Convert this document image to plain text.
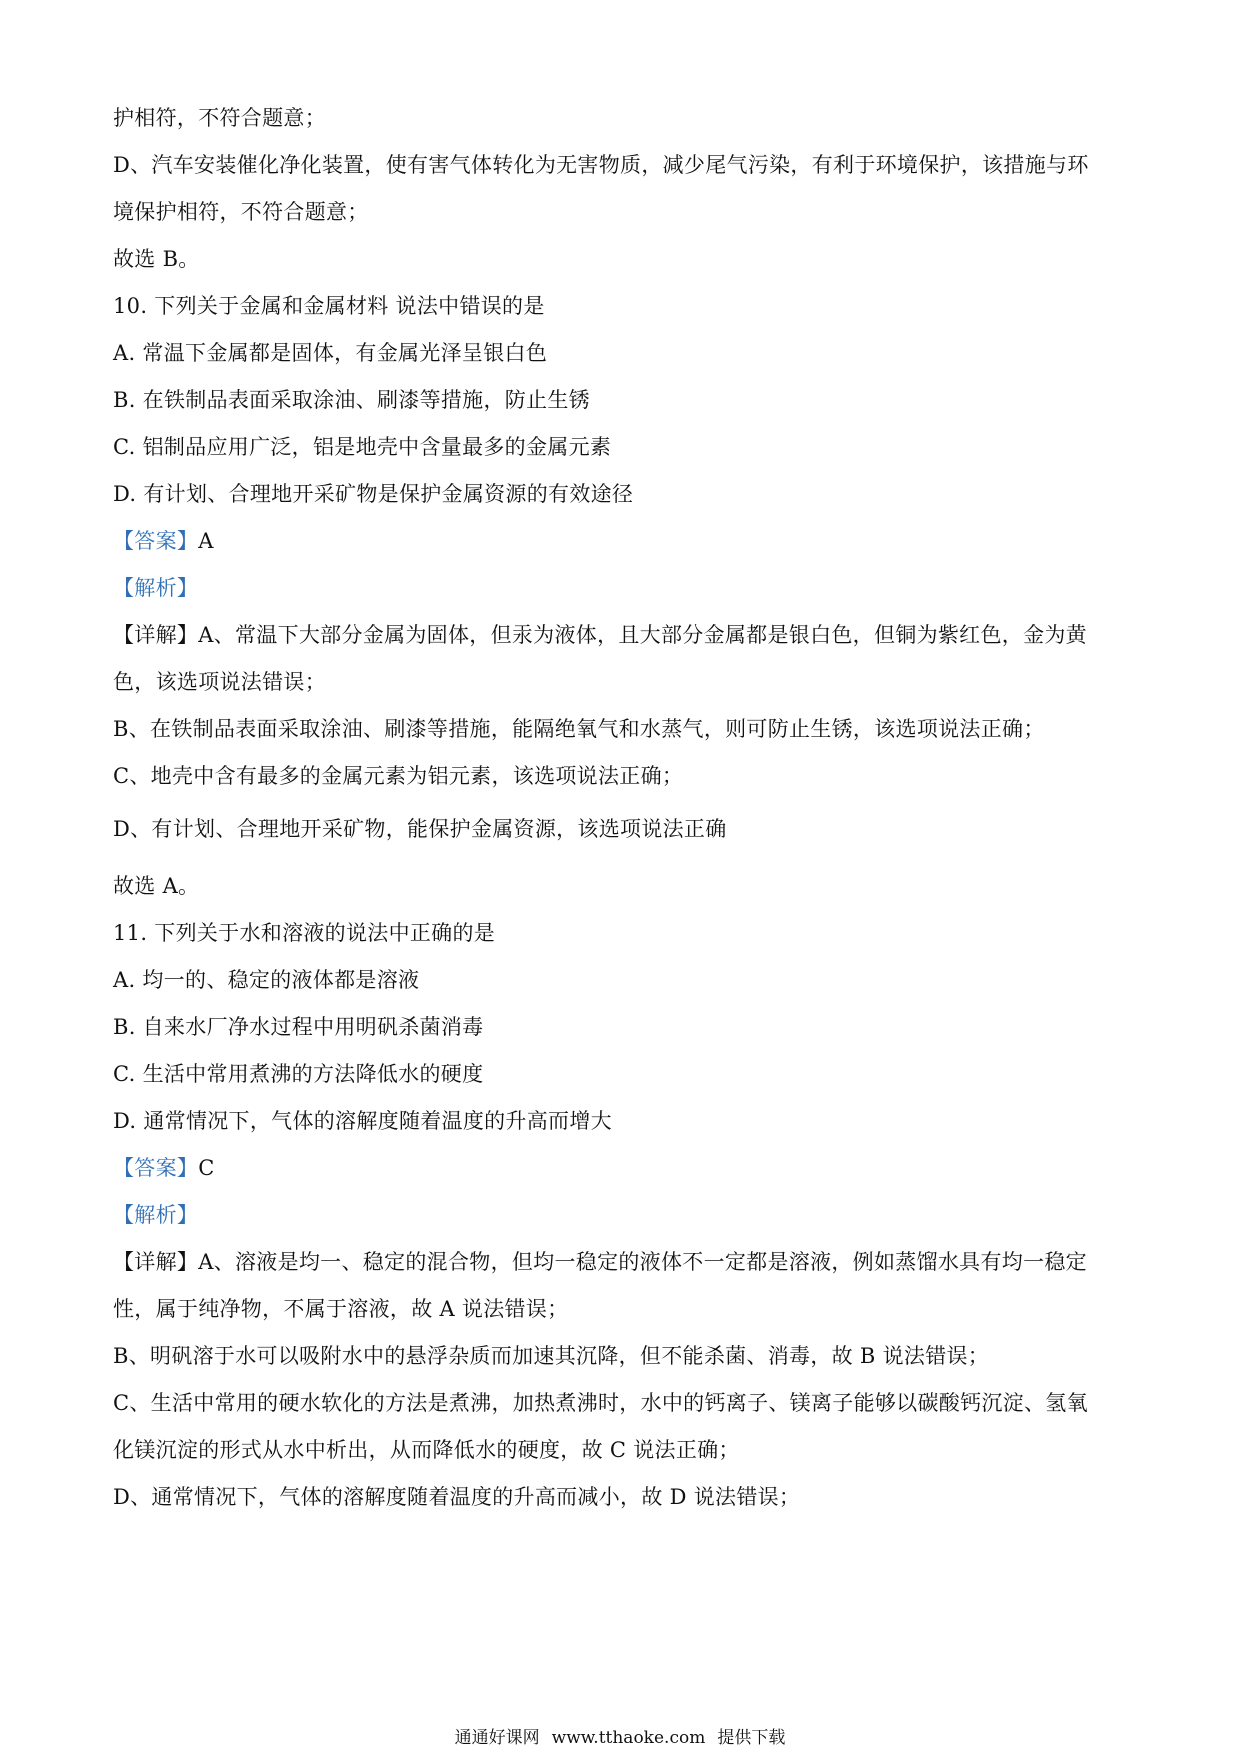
护相符，不符合题意；
D、汽车安装催化净化装置，使有害气体转化为无害物质，减少尾气污染，有利于环境保护，该措施与环
境保护相符，不符合题意；
故选 B。
10. 下列关于金属和金属材料 说法中错误的是
A. 常温下金属都是固体，有金属光泽呈银白色
B. 在铁制品表面采取涂油、刷漆等措施，防止生锈
C. 铝制品应用广泛，铝是地壳中含量最多的金属元素
D. 有计划、合理地开采矿物是保护金属资源的有效途径
【答案】A
【解析】
【详解】A、常温下大部分金属为固体，但汞为液体，且大部分金属都是银白色，但铜为紫红色，金为黄
色，该选项说法错误；
B、在铁制品表面采取涂油、刷漆等措施，能隔绝氧气和水蒸气，则可防止生锈，该选项说法正确；
C、地壳中含有最多的金属元素为铝元素，该选项说法正确；
D、有计划、合理地开采矿物，能保护金属资源，该选项说法正确
故选 A。
11. 下列关于水和溶液的说法中正确的是
A. 均一的、稳定的液体都是溶液
B. 自来水厂净水过程中用明矾杀菌消毒
C. 生活中常用煮沸的方法降低水的硬度
D. 通常情况下，气体的溶解度随着温度的升高而增大
【答案】C
【解析】
【详解】A、溶液是均一、稳定的混合物，但均一稳定的液体不一定都是溶液，例如蒸馏水具有均一稳定
性，属于纯净物，不属于溶液，故 A 说法错误；
B、明矾溶于水可以吸附水中的悬浮杂质而加速其沉降，但不能杀菌、消毒，故 B 说法错误；
C、生活中常用的硬水软化的方法是煮沸，加热煮沸时，水中的钙离子、镁离子能够以碳酸钙沉淀、氢氧
化镁沉淀的形式从水中析出，从而降低水的硬度，故 C 说法正确；
D、通常情况下，气体的溶解度随着温度的升高而减小，故 D 说法错误；
通通好课网 www.tthaoke.com 提供下载
